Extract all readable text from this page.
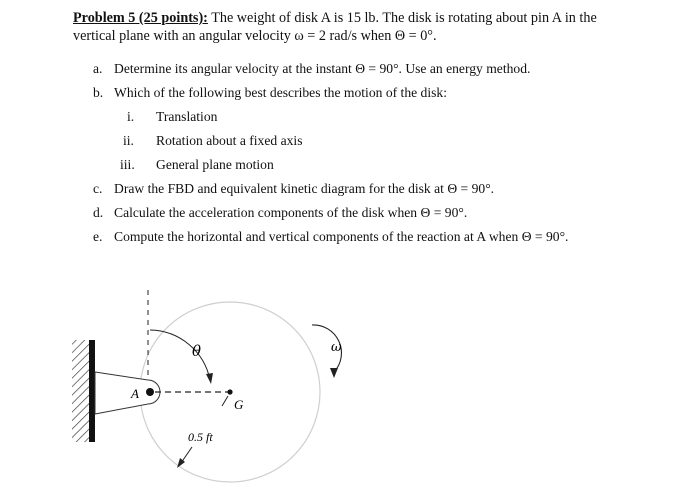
Problem 5 (25 points): The weight of disk A is 15 lb. The disk is rotating about pin A in the
vertical plane with an angular velocity ω = 2 rad/s when Θ = 0°.
a. Determine its angular velocity at the instant Θ = 90°. Use an energy method.
b. Which of the following best describes the motion of the disk:
i. Translation
ii. Rotation about a fixed axis
iii. General plane motion
c. Draw the FBD and equivalent kinetic diagram for the disk at Θ = 90°.
d. Calculate the acceleration components of the disk when Θ = 90°.
e. Compute the horizontal and vertical components of the reaction at A when Θ = 90°.
θ	ω
A
G
0.5 ft
